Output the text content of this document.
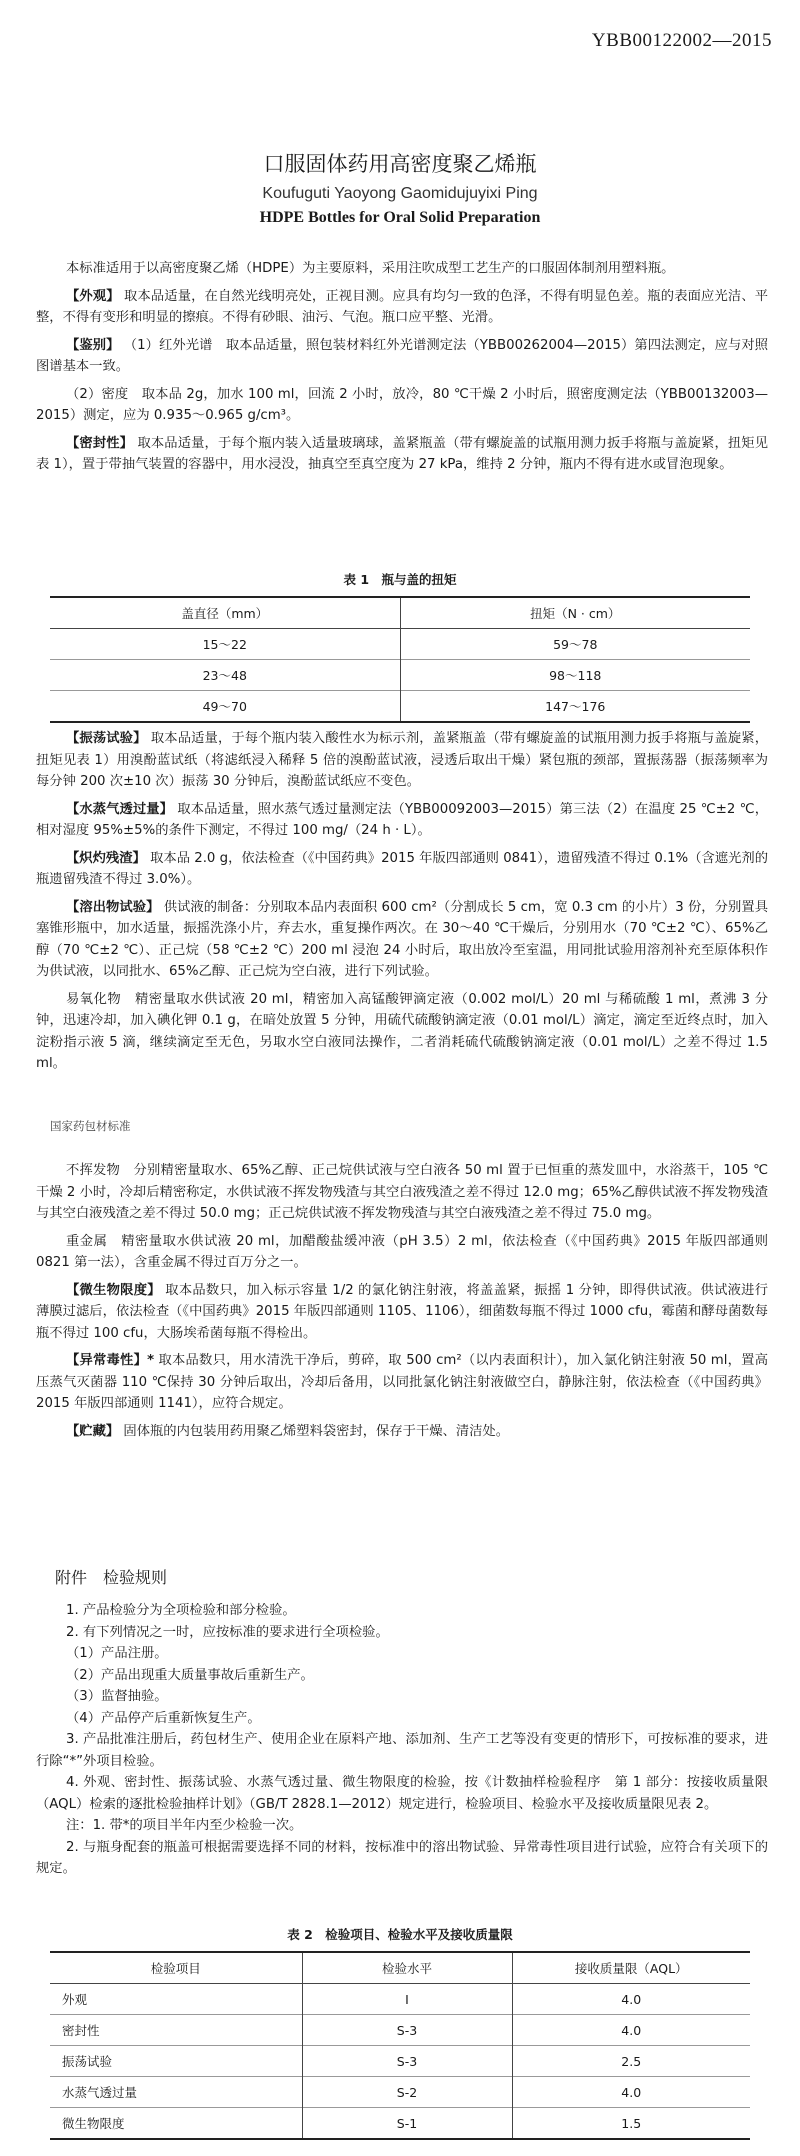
YBB00122002—2015

口服固体药用高密度聚乙烯瓶

Koufuguti Yaoyong Gaomidujuyixi Ping

HDPE Bottles for Oral Solid Preparation

本标准适用于以高密度聚乙烯（HDPE）为主要原料，采用注吹成型工艺生产的口服固体制剂用塑料瓶。

【外观】 取本品适量，在自然光线明亮处，正视目测。应具有均匀一致的色泽，不得有明显色差。瓶的表面应光洁、平整，不得有变形和明显的擦痕。不得有砂眼、油污、气泡。瓶口应平整、光滑。

【鉴别】 （1）红外光谱　取本品适量，照包装材料红外光谱测定法（YBB00262004—2015）第四法测定，应与对照图谱基本一致。

（2）密度　取本品 2g，加水 100 ml，回流 2 小时，放冷，80 ℃干燥 2 小时后，照密度测定法（YBB00132003—2015）测定，应为 0.935～0.965 g/cm³。

【密封性】 取本品适量，于每个瓶内装入适量玻璃球，盖紧瓶盖（带有螺旋盖的试瓶用测力扳手将瓶与盖旋紧，扭矩见表 1），置于带抽气装置的容器中，用水浸没，抽真空至真空度为 27 kPa，维持 2 分钟，瓶内不得有进水或冒泡现象。

表 1　瓶与盖的扭矩

盖直径（mm）	扭矩（N · cm）
15～22	59～78
23～48	98～118
49～70	147～176

【振荡试验】 取本品适量，于每个瓶内装入酸性水为标示剂，盖紧瓶盖（带有螺旋盖的试瓶用测力扳手将瓶与盖旋紧，扭矩见表 1）用溴酚蓝试纸（将滤纸浸入稀释 5 倍的溴酚蓝试液，浸透后取出干燥）紧包瓶的颈部，置振荡器（振荡频率为每分钟 200 次±10 次）振荡 30 分钟后，溴酚蓝试纸应不变色。

【水蒸气透过量】 取本品适量，照水蒸气透过量测定法（YBB00092003—2015）第三法（2）在温度 25 ℃±2 ℃，相对湿度 95%±5%的条件下测定，不得过 100 mg/（24 h · L）。

【炽灼残渣】 取本品 2.0 g，依法检查（《中国药典》2015 年版四部通则 0841），遗留残渣不得过 0.1%（含遮光剂的瓶遗留残渣不得过 3.0%）。

【溶出物试验】 供试液的制备：分别取本品内表面积 600 cm²（分割成长 5 cm，宽 0.3 cm 的小片）3 份，分别置具塞锥形瓶中，加水适量，振摇洗涤小片，弃去水，重复操作两次。在 30～40 ℃干燥后，分别用水（70 ℃±2 ℃）、65%乙醇（70 ℃±2 ℃）、正己烷（58 ℃±2 ℃）200 ml 浸泡 24 小时后，取出放冷至室温，用同批试验用溶剂补充至原体积作为供试液，以同批水、65%乙醇、正己烷为空白液，进行下列试验。

易氧化物　精密量取水供试液 20 ml，精密加入高锰酸钾滴定液（0.002 mol/L）20 ml 与稀硫酸 1 ml，煮沸 3 分钟，迅速冷却，加入碘化钾 0.1 g，在暗处放置 5 分钟，用硫代硫酸钠滴定液（0.01 mol/L）滴定，滴定至近终点时，加入淀粉指示液 5 滴，继续滴定至无色，另取水空白液同法操作，二者消耗硫代硫酸钠滴定液（0.01 mol/L）之差不得过 1.5 ml。

国家药包材标准

不挥发物　分别精密量取水、65%乙醇、正己烷供试液与空白液各 50 ml 置于已恒重的蒸发皿中，水浴蒸干，105 ℃干燥 2 小时，冷却后精密称定，水供试液不挥发物残渣与其空白液残渣之差不得过 12.0 mg；65%乙醇供试液不挥发物残渣与其空白液残渣之差不得过 50.0 mg；正己烷供试液不挥发物残渣与其空白液残渣之差不得过 75.0 mg。

重金属　精密量取水供试液 20 ml，加醋酸盐缓冲液（pH 3.5）2 ml，依法检查（《中国药典》2015 年版四部通则 0821 第一法），含重金属不得过百万分之一。

【微生物限度】 取本品数只，加入标示容量 1/2 的氯化钠注射液，将盖盖紧，振摇 1 分钟，即得供试液。供试液进行薄膜过滤后，依法检查（《中国药典》2015 年版四部通则 1105、1106），细菌数每瓶不得过 1000 cfu，霉菌和酵母菌数每瓶不得过 100 cfu，大肠埃希菌每瓶不得检出。

【异常毒性】* 取本品数只，用水清洗干净后，剪碎，取 500 cm²（以内表面积计），加入氯化钠注射液 50 ml，置高压蒸气灭菌器 110 ℃保持 30 分钟后取出，冷却后备用，以同批氯化钠注射液做空白，静脉注射，依法检查（《中国药典》2015 年版四部通则 1141），应符合规定。

【贮藏】 固体瓶的内包装用药用聚乙烯塑料袋密封，保存于干燥、清洁处。

附件　检验规则

1. 产品检验分为全项检验和部分检验。

2. 有下列情况之一时，应按标准的要求进行全项检验。

（1）产品注册。

（2）产品出现重大质量事故后重新生产。

（3）监督抽验。

（4）产品停产后重新恢复生产。

3. 产品批准注册后，药包材生产、使用企业在原料产地、添加剂、生产工艺等没有变更的情形下，可按标准的要求，进行除“*”外项目检验。

4. 外观、密封性、振荡试验、水蒸气透过量、微生物限度的检验，按《计数抽样检验程序　第 1 部分：按接收质量限（AQL）检索的逐批检验抽样计划》（GB/T 2828.1—2012）规定进行，检验项目、检验水平及接收质量限见表 2。

注：1. 带*的项目半年内至少检验一次。

2. 与瓶身配套的瓶盖可根据需要选择不同的材料，按标准中的溶出物试验、异常毒性项目进行试验，应符合有关项下的规定。

表 2　检验项目、检验水平及接收质量限

检验项目	检验水平	接收质量限（AQL）
外观	I	4.0
密封性	S-3	4.0
振荡试验	S-3	2.5
水蒸气透过量	S-2	4.0
微生物限度	S-1	1.5
